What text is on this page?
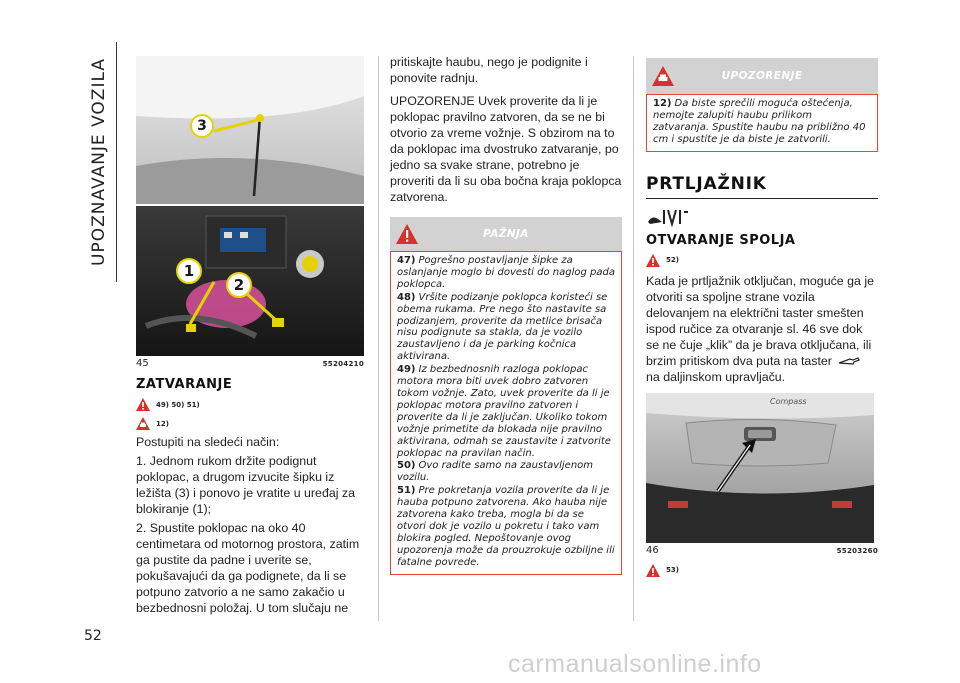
UPOZNAVANJE VOZILA
52
carmanualsonline.info
3
1
2
45	55204210
ZATVARANJE
49) 50) 51)
12)

Postupiti na sledeći način:

1. Jednom rukom držite podignut poklopac, a drugom izvucite šipku iz ležišta (3) i ponovo je vratite u uređaj za blokiranje (1);

2. Spustite poklopac na oko 40 centimetara od motornog prostora, zatim ga pustite da padne i uverite se, pokušavajući da ga podignete, da li se potpuno zatvorio a ne samo zakačio u bezbednosni položaj. U tom slučaju ne

pritiskajte haubu, nego je podignite i ponovite radnju.

UPOZORENJE Uvek proverite da li je poklopac pravilno zatvoren, da se ne bi otvorio za vreme vožnje. S obzirom na to da poklopac ima dvostruko zatvaranje, po jedno sa svake strane, potrebno je proveriti da li su oba bočna kraja poklopca zatvorena.

PAŽNJA
47) Pogrešno postavljanje šipke za oslanjanje moglo bi dovesti do naglog pada poklopca.
48) Vršite podizanje poklopca koristeći se obema rukama. Pre nego što nastavite sa podizanjem, proverite da metlice brisača nisu podignute sa stakla, da je vozilo zaustavljeno i da je parking kočnica aktivirana.
49) Iz bezbednosnih razloga poklopac motora mora biti uvek dobro zatvoren tokom vožnje. Zato, uvek proverite da li je poklopac motora pravilno zatvoren i proverite da li je zaključan. Ukoliko tokom vožnje primetite da blokada nije pravilno aktivirana, odmah se zaustavite i zatvorite poklopac na pravilan način.
50) Ovo radite samo na zaustavljenom vozilu.
51) Pre pokretanja vozila proverite da li je hauba potpuno zatvorena. Ako hauba nije zatvorena kako treba, mogla bi da se otvori dok je vozilo u pokretu i tako vam blokira pogled. Nepoštovanje ovog upozorenja može da prouzrokuje ozbiljne ili fatalne povrede.
UPOZORENJE
12) Da biste sprečili moguća oštećenja, nemojte zalupiti haubu prilikom zatvaranja. Spustite haubu na približno 40 cm i spustite je da biste je zatvorili.
PRTLJAŽNIK
OTVARANJE SPOLJA
52)

Kada je prtljažnik otključan, moguće ga je otvoriti sa spoljne strane vozila delovanjem na električni taster smešten ispod ručice za otvaranje sl. 46 sve dok se ne čuje „klik” da je brava otključana, ili brzim pritiskom dva puta na taster  na daljinskom upravljaču.

Compass
46	55203260
53)
